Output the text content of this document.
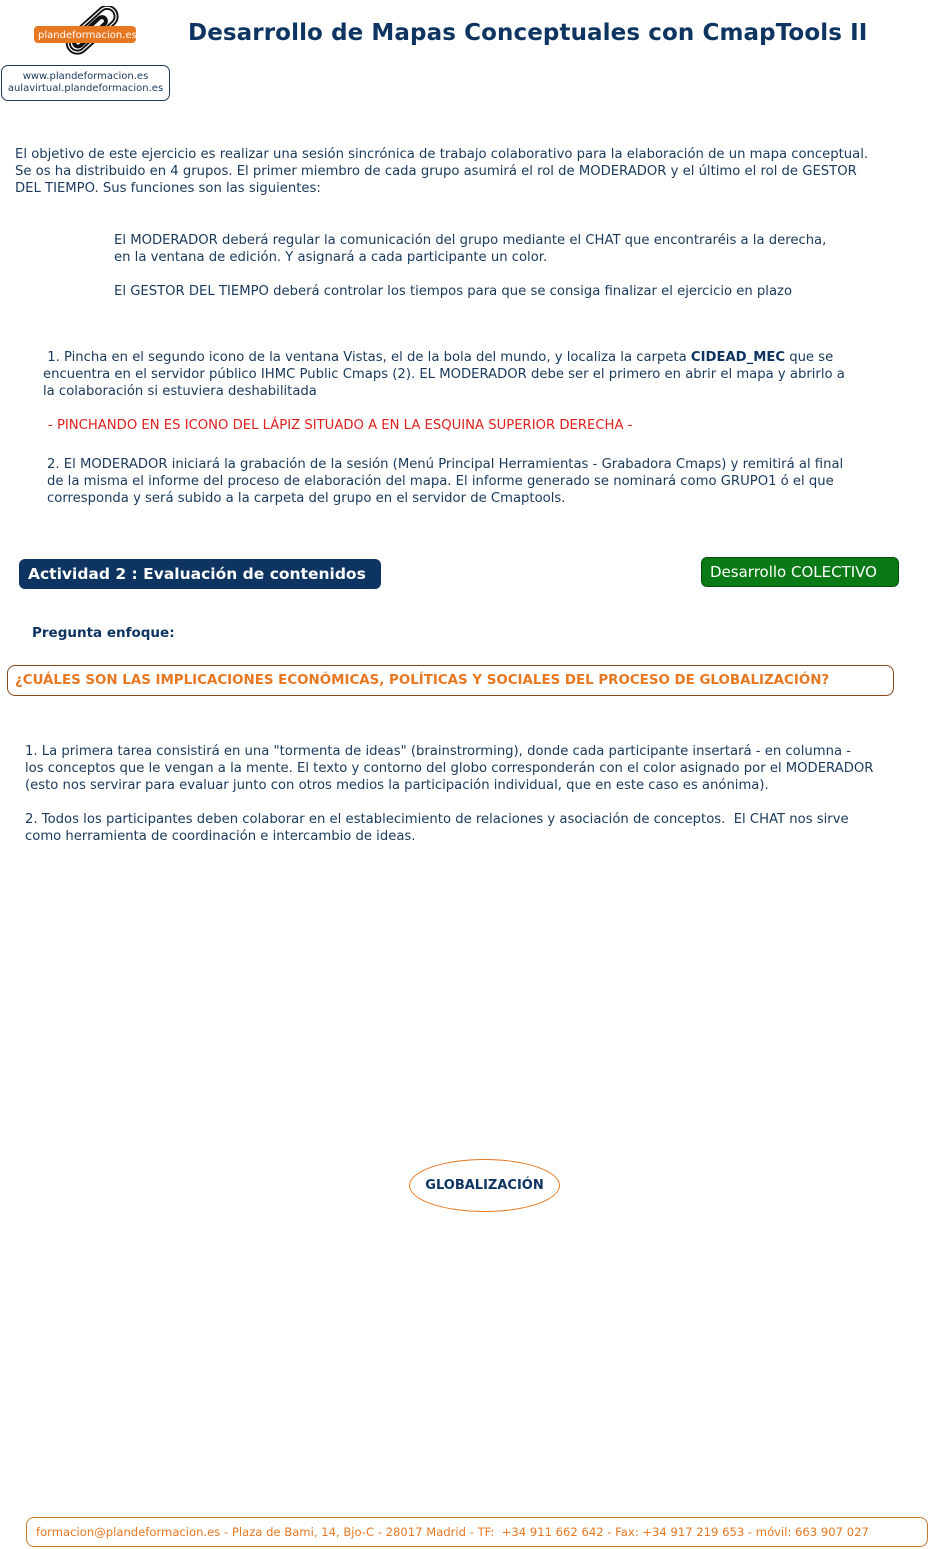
plandeformacion.es
www.plandeformacion.es
aulavirtual.plandeformacion.es
Desarrollo de Mapas Conceptuales con CmapTools II
El objetivo de este ejercicio es realizar una sesión sincrónica de trabajo colaborativo para la elaboración de un mapa conceptual.
Se os ha distribuido en 4 grupos. El primer miembro de cada grupo asumirá el rol de MODERADOR y el último el rol de GESTOR
DEL TIEMPO. Sus funciones son las siguientes:
El MODERADOR deberá regular la comunicación del grupo mediante el CHAT que encontraréis a la derecha,
en la ventana de edición. Y asignará a cada participante un color.
El GESTOR DEL TIEMPO deberá controlar los tiempos para que se consiga finalizar el ejercicio en plazo
1. Pincha en el segundo icono de la ventana Vistas, el de la bola del mundo, y localiza la carpeta CIDEAD_MEC que se
encuentra en el servidor público IHMC Public Cmaps (2). EL MODERADOR debe ser el primero en abrir el mapa y abrirlo a
la colaboración si estuviera deshabilitada
- PINCHANDO EN ES ICONO DEL LÁPIZ SITUADO A EN LA ESQUINA SUPERIOR DERECHA -
2. El MODERADOR iniciará la grabación de la sesión (Menú Principal Herramientas - Grabadora Cmaps) y remitirá al final
de la misma el informe del proceso de elaboración del mapa. El informe generado se nominará como GRUPO1 ó el que
corresponda y será subido a la carpeta del grupo en el servidor de Cmaptools.
Actividad 2 : Evaluación de contenidos	Desarrollo COLECTIVO
Pregunta enfoque:
¿CUÁLES SON LAS IMPLICACIONES ECONÓMICAS, POLÍTICAS Y SOCIALES DEL PROCESO DE GLOBALIZACIÓN?
1. La primera tarea consistirá en una "tormenta de ideas" (brainstrorming), donde cada participante insertará - en columna -
los conceptos que le vengan a la mente. El texto y contorno del globo corresponderán con el color asignado por el MODERADOR
(esto nos servirar para evaluar junto con otros medios la participación individual, que en este caso es anónima).
2. Todos los participantes deben colaborar en el establecimiento de relaciones y asociación de conceptos.  El CHAT nos sirve
como herramienta de coordinación e intercambio de ideas.
GLOBALIZACIÓN
formacion@plandeformacion.es - Plaza de Bami, 14, Bjo-C - 28017 Madrid - TF:  +34 911 662 642 - Fax: +34 917 219 653 - móvil: 663 907 027
